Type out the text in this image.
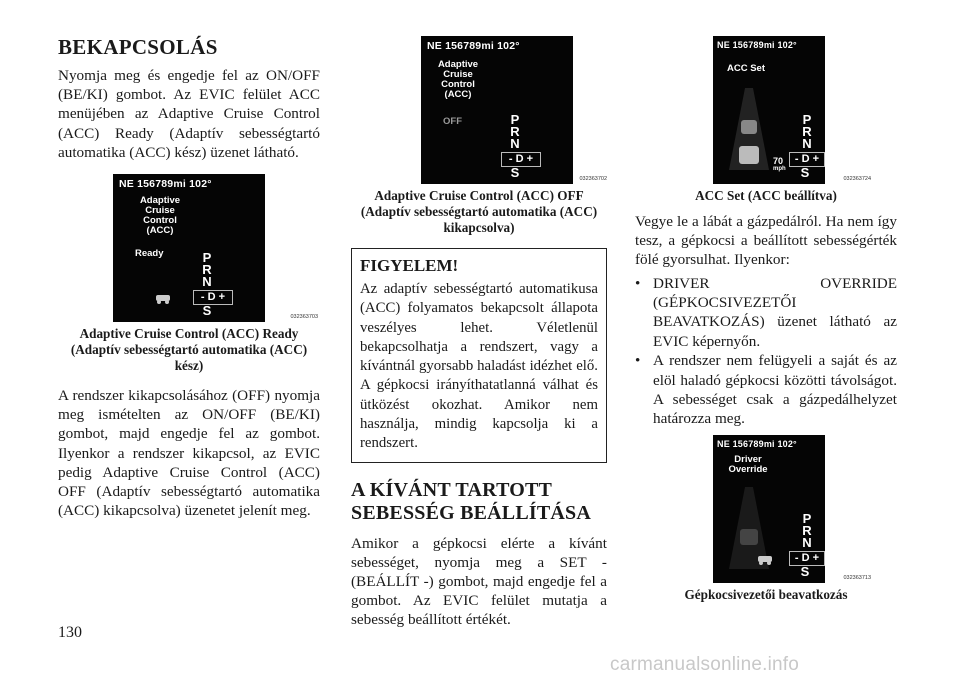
BEKAPCSOLÁS

Nyomja meg és engedje fel az ON/OFF (BE/KI) gombot. Az EVIC felület ACC menüjében az Adaptive Cruise Control (ACC) Ready (Adaptív sebességtartó automatika (ACC) kész) üzenet látható.

NE 156789mi 102°
Adaptive
Cruise
Control
(ACC)
Ready	P
R
N
- D +
S	032363703
Adaptive Cruise Control (ACC) Ready (Adaptív sebességtartó automatika (ACC) kész)

A rendszer kikapcsolásához (OFF) nyomja meg ismételten az ON/OFF (BE/KI) gombot, majd engedje fel az gombot. Ilyenkor a rendszer kikapcsol, az EVIC pedig Adaptive Cruise Control (ACC) OFF (Adaptív sebességtartó automatika (ACC) kikapcsolva) üzenetet jelenít meg.

NE 156789mi 102°
Adaptive
Cruise
Control
(ACC)
OFF	P
R
N
- D +
S	032363702
Adaptive Cruise Control (ACC) OFF (Adaptív sebességtartó automatika (ACC) kikapcsolva)
FIGYELEM!

Az adaptív sebességtartó automatikusa (ACC) folyamatos bekapcsolt állapota veszélyes lehet. Véletlenül bekapcsolhatja a rendszert, vagy a kívántnál gyorsabb haladást idézhet elő. A gépkocsi irányíthatatlanná válhat és ütközést okozhat. Amikor nem használja, mindig kapcsolja ki a rendszert.

A KÍVÁNT TARTOTT SEBESSÉG BEÁLLÍTÁSA

Amikor a gépkocsi elérte a kívánt sebességet, nyomja meg a SET - (BEÁLLÍT -) gombot, majd engedje fel a gombot. Az EVIC felület mutatja a sebesség beállított értékét.

NE 156789mi 102°
ACC Set
P
R
N
70
mph
- D +
S	032363724
ACC Set (ACC beállítva)

Vegye le a lábát a gázpedálról. Ha nem így tesz, a gépkocsi a beállított sebességérték fölé gyorsulhat. Ilyenkor:

• DRIVER OVERRIDE (GÉPKOCSIVEZETŐI BEAVATKOZÁS) üzenet látható az EVIC képernyőn.
• A rendszer nem felügyeli a saját és az elöl haladó gépkocsi közötti távolságot. A sebességet csak a gázpedálhelyzet határozza meg.
NE 156789mi 102°
Driver
Override
P
R
N
- D +
S	032363713
Gépkocsivezetői beavatkozás
130
carmanualsonline.info
